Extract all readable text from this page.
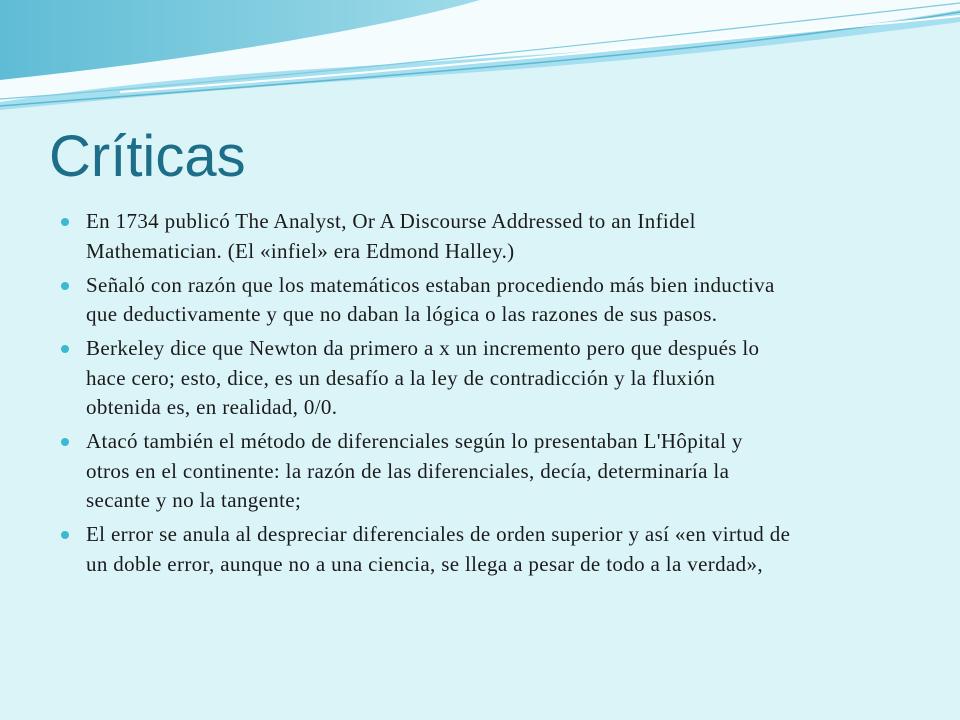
Críticas
En 1734 publicó The Analyst, Or A Discourse Addressed to an Infidel
Mathematician. (El «infiel» era Edmond Halley.)
Señaló con razón que los matemáticos estaban procediendo más bien inductiva
que deductivamente y que no daban la lógica o las razones de sus pasos.
Berkeley dice que Newton da primero a x un incremento pero que después lo
hace cero; esto, dice, es un desafío a la ley de contradicción y la fluxión
obtenida es, en realidad, 0/0.
Atacó también el método de diferenciales según lo presentaban L'Hôpital y
otros en el continente: la razón de las diferenciales, decía, determinaría la
secante y no la tangente;
El error se anula al despreciar diferenciales de orden superior y así «en virtud de
un doble error, aunque no a una ciencia, se llega a pesar de todo a la verdad»,
